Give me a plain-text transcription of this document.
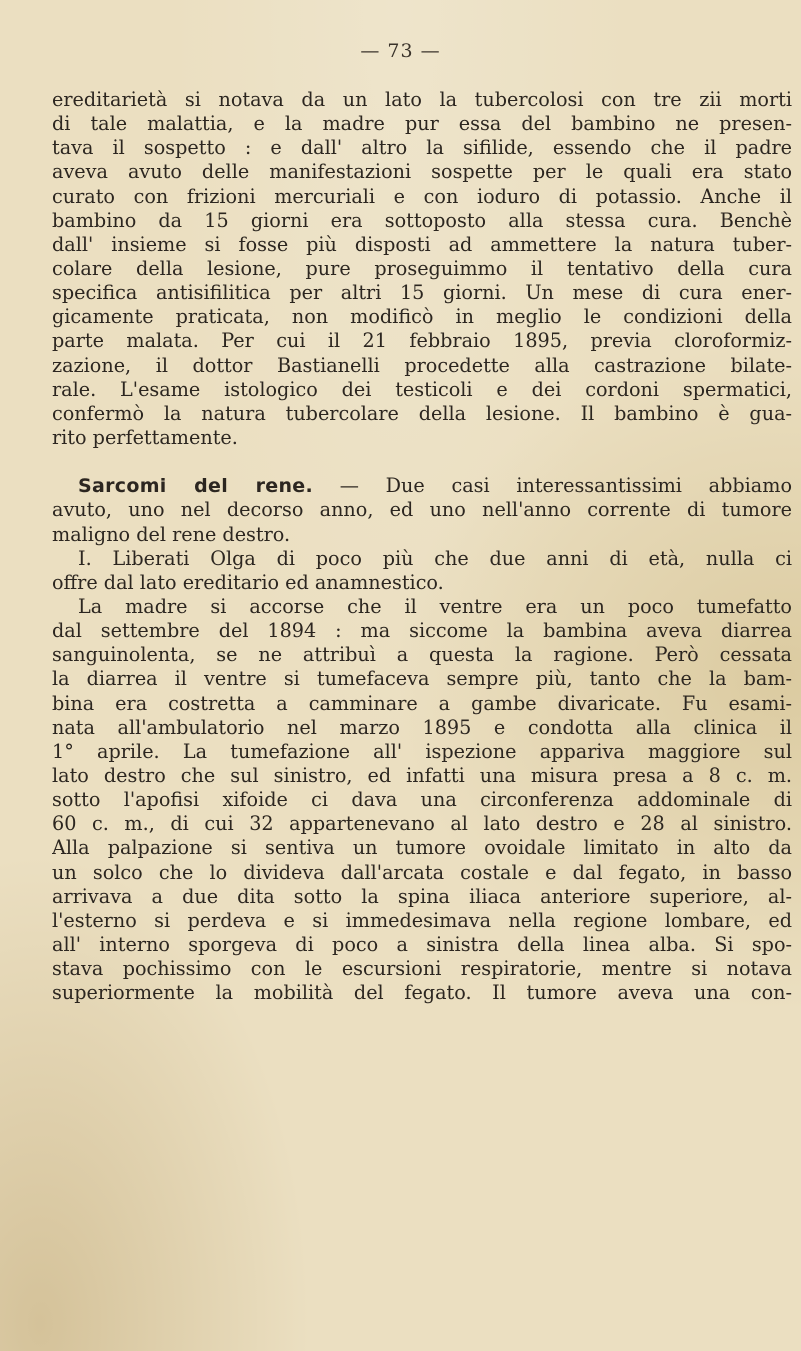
— 73 —
ereditarietà si notava da un lato la tubercolosi con tre zii morti
di tale malattia, e la madre pur essa del bambino ne presen-
tava il sospetto : e dall' altro la sifilide, essendo che il padre
aveva avuto delle manifestazioni sospette per le quali era stato
curato con frizioni mercuriali e con ioduro di potassio. Anche il
bambino da 15 giorni era sottoposto alla stessa cura. Benchè
dall' insieme si fosse più disposti ad ammettere la natura tuber-
colare della lesione, pure proseguimmo il tentativo della cura
specifica antisifilitica per altri 15 giorni. Un mese di cura ener-
gicamente praticata, non modificò in meglio le condizioni della
parte malata. Per cui il 21 febbraio 1895, previa cloroformiz-
zazione, il dottor Bastianelli procedette alla castrazione bilate-
rale. L'esame istologico dei testicoli e dei cordoni spermatici,
confermò la natura tubercolare della lesione. Il bambino è gua-
rito perfettamente.
Sarcomi del rene. — Due casi interessantissimi abbiamo
avuto, uno nel decorso anno, ed uno nell'anno corrente di tumore
maligno del rene destro.
I. Liberati Olga di poco più che due anni di età, nulla ci
offre dal lato ereditario ed anamnestico.
La madre si accorse che il ventre era un poco tumefatto
dal settembre del 1894 : ma siccome la bambina aveva diarrea
sanguinolenta, se ne attribuì a questa la ragione. Però cessata
la diarrea il ventre si tumefaceva sempre più, tanto che la bam-
bina era costretta a camminare a gambe divaricate. Fu esami-
nata all'ambulatorio nel marzo 1895 e condotta alla clinica il
1° aprile. La tumefazione all' ispezione appariva maggiore sul
lato destro che sul sinistro, ed infatti una misura presa a 8 c. m.
sotto l'apofisi xifoide ci dava una circonferenza addominale di
60 c. m., di cui 32 appartenevano al lato destro e 28 al sinistro.
Alla palpazione si sentiva un tumore ovoidale limitato in alto da
un solco che lo divideva dall'arcata costale e dal fegato, in basso
arrivava a due dita sotto la spina iliaca anteriore superiore, al-
l'esterno si perdeva e si immedesimava nella regione lombare, ed
all' interno sporgeva di poco a sinistra della linea alba. Si spo-
stava pochissimo con le escursioni respiratorie, mentre si notava
superiormente la mobilità del fegato. Il tumore aveva una con-
